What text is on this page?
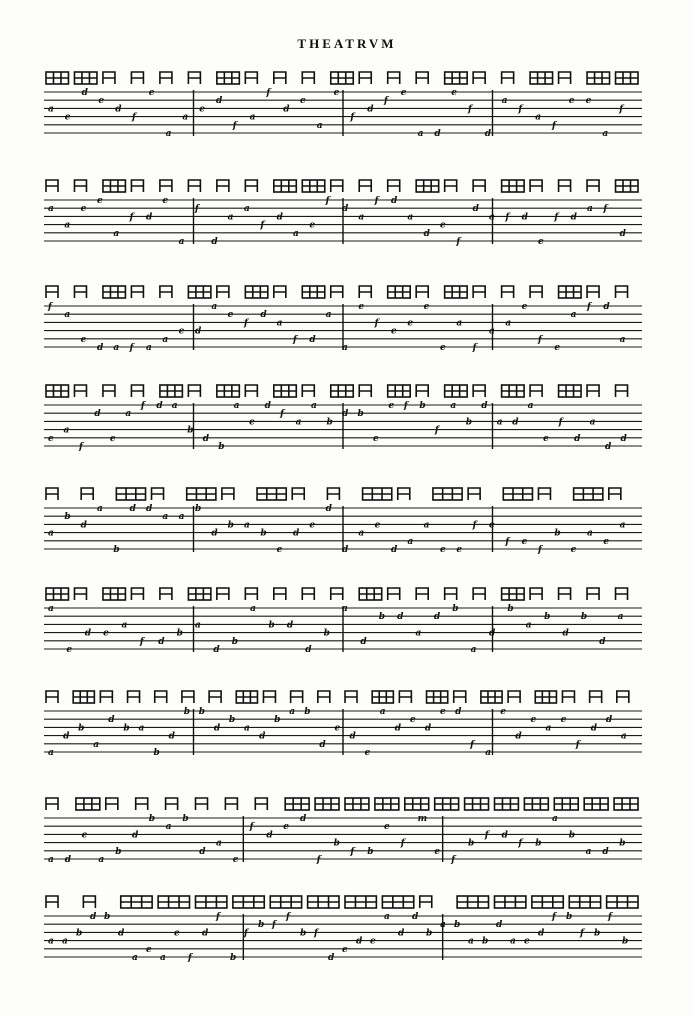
THEATRVM
a
e
d
e
d
f
e
a
a
e
d
f
a
f
d
e
a
e
f
d
f
e
a d
e
f
d
a
f
a
f
e e
a
f
a
a
e
e
a
f d
e
a
f
d
a
a
f
d
a
e
f
d
a
f d
a
d
e
f
d
a f d
e
f d
a f
d
f
a
e
d a f a
a
e d
a
e
f
d
a
f d
a
a
e
f
e
e
e
e
a
f
a
a
e
f
e
a
f d
a
e
a
f
d
e
a
f d a
b
d
b
a
e
d
f
a
a
b
d b
e
e f b
f
a
b
d
a d
a
e
f
d
a
d
d
a
b
d
a
b
d d
a a
b
d
b a
b
e
d
e
d
d
a
e
d
a
a
e e
f e
f e
f
b
e
a
e
a
a
e
d e
a
f d
b
a
d
b
a
b d
d
b
a
d
b d
a
d
b
a
d
b
a
b
d
b
d
a
a
d
b
a
d
b a
b
d
b b
d
b
a
d
b
a b
d
e
d
e
a
d
e
d
e d
f
a
e
d
e
a
e
f
d
d
a
a d
e
a
b
d
b
a
b
d
a
e
f
d
e
d
f
b
f b
e
f
m
e
f
b
f d
f b
a
b
a d
b
a a
b
d b
d
a
e
a
e
f
d
f
b
f
b f
f
b f
d
e
d e
a
d
d
b
a b
a b
d
a e
d
f b
f b
f
b
